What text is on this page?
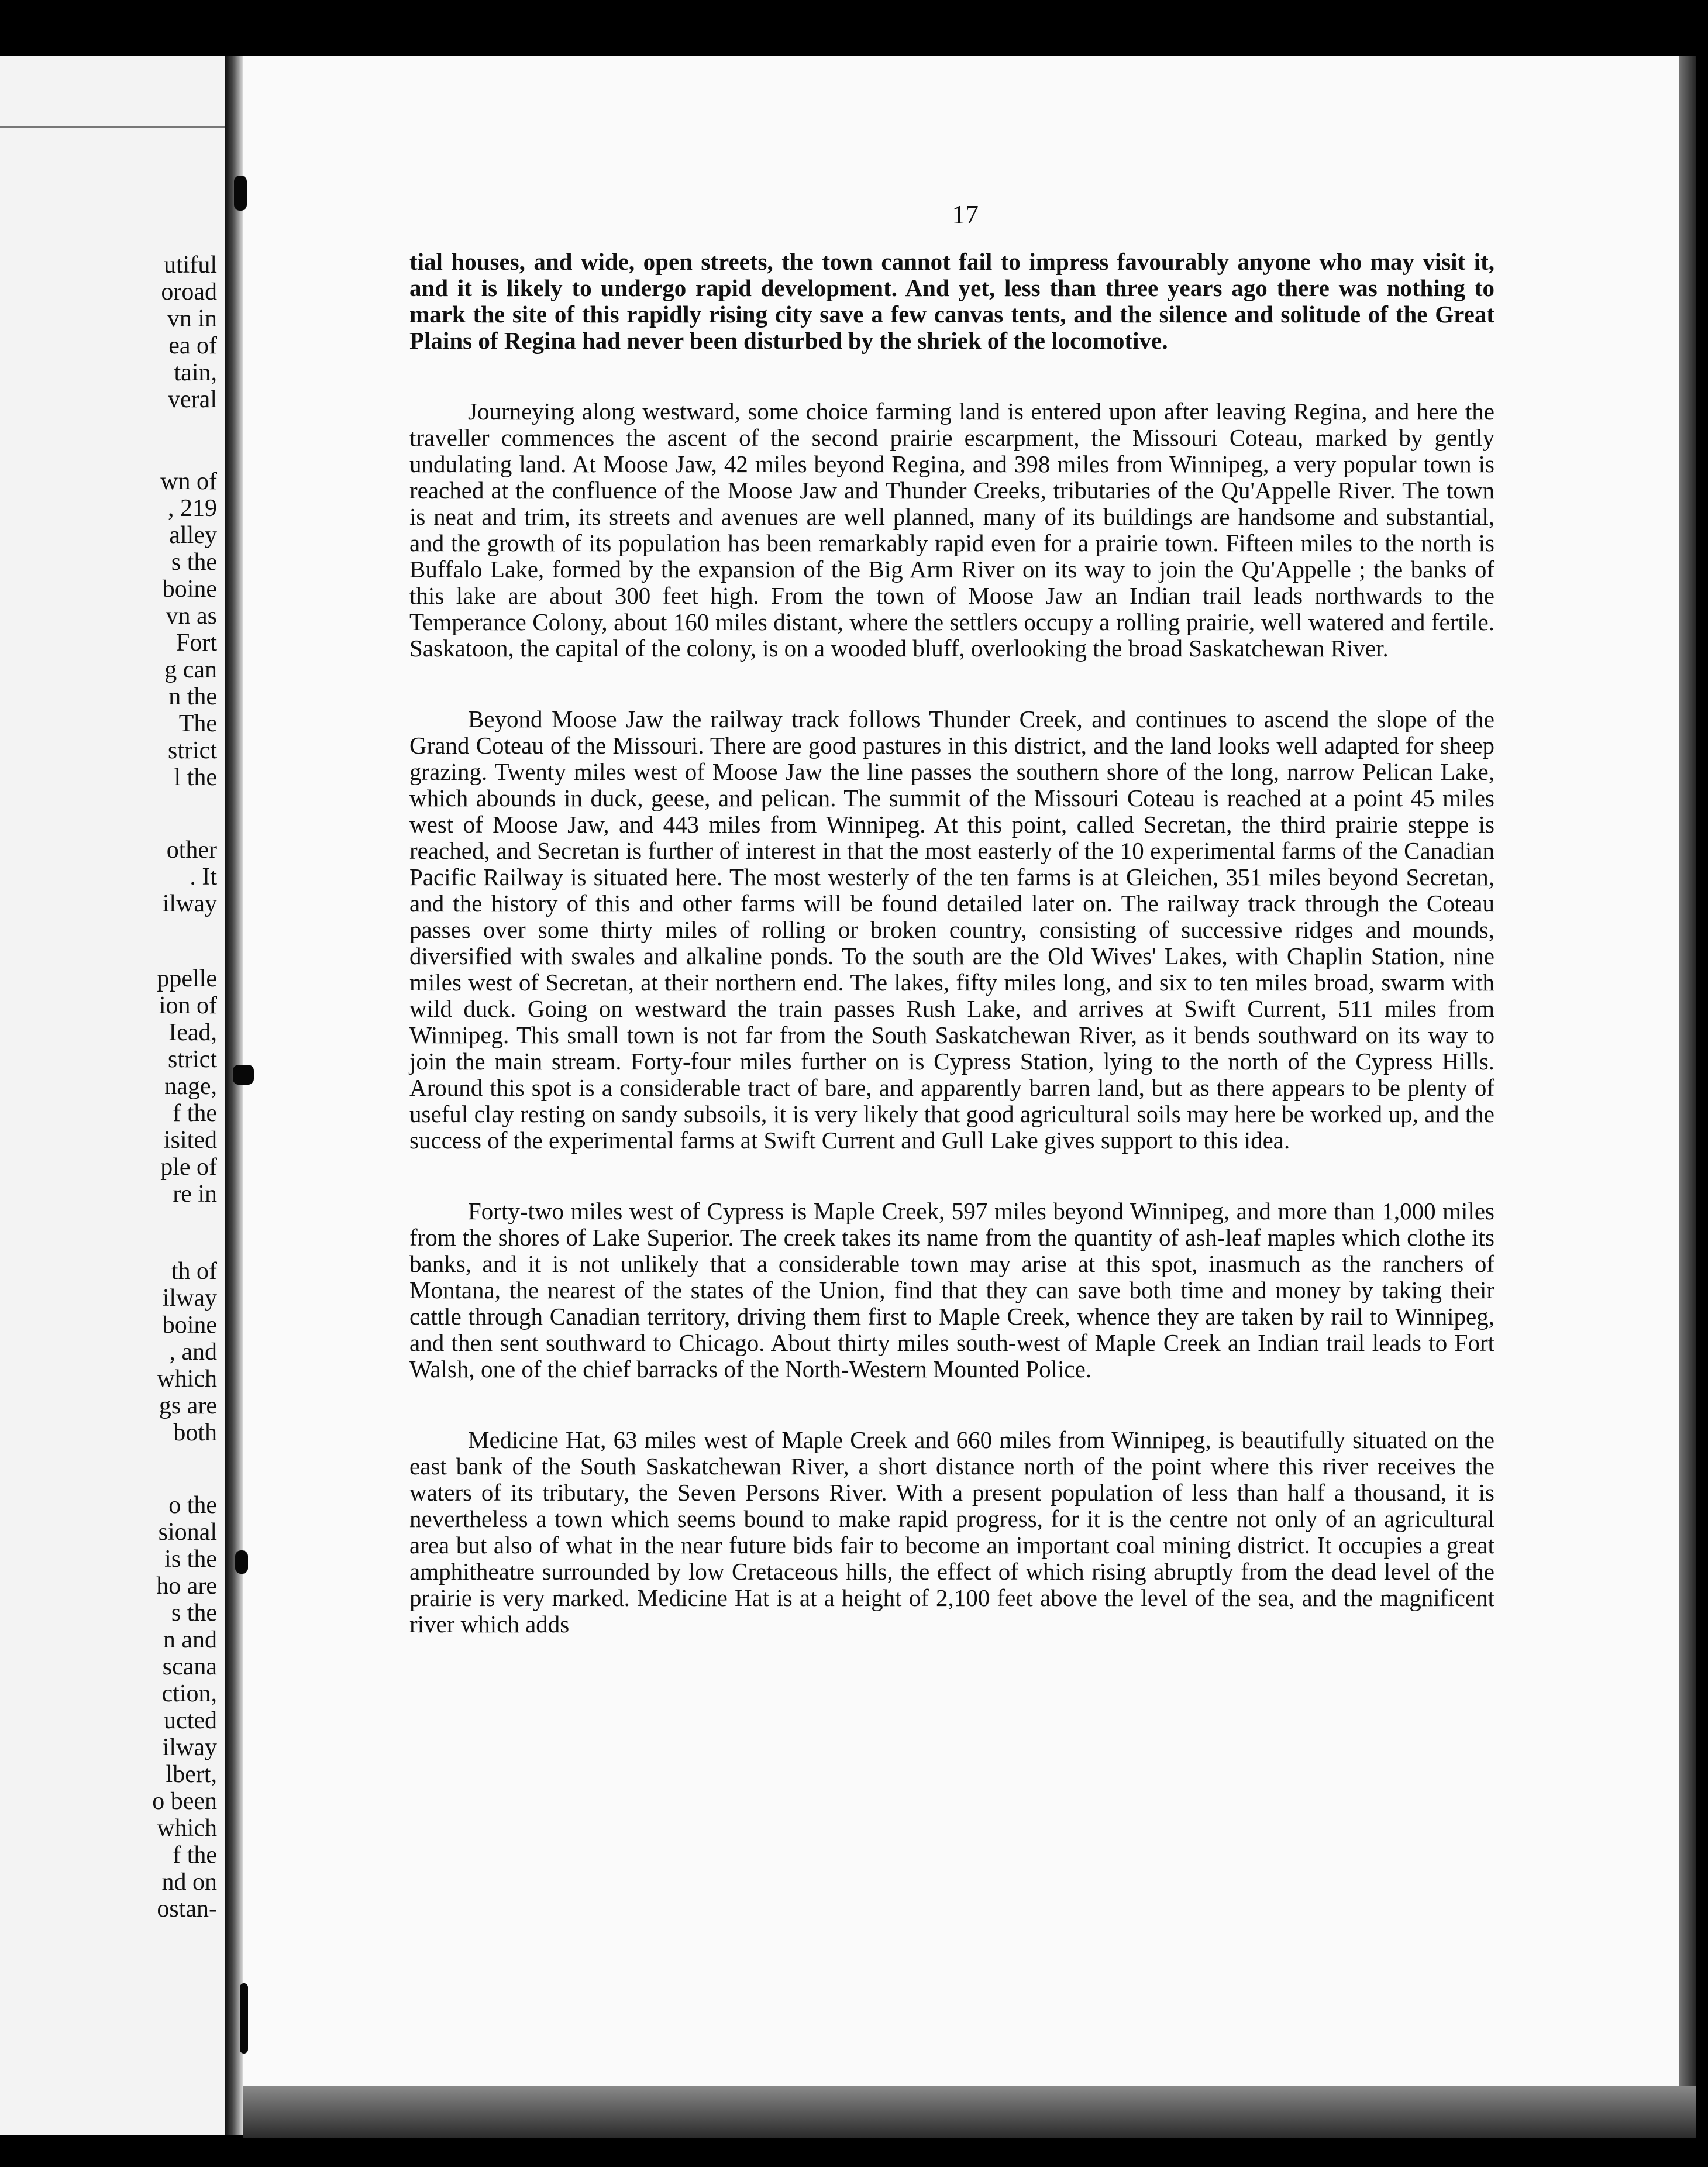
utiful
oroad
vn in
ea of
tain,
veral
wn of
, 219
alley
s the
boine
vn as
Fort
g can
n the
The
strict
l the
other
. It
ilway
ppelle
ion of
Iead,
strict
nage,
f the
isited
ple of
re in
th of
ilway
boine
, and
which
gs are
both
o the
sional
is the
ho are
s the
n and
scana
ction,
ucted
ilway
lbert,
o been
which
f the
nd on
ostan-
17

tial houses, and wide, open streets, the town cannot fail to impress favourably anyone who may visit it, and it is likely to undergo rapid development. And yet, less than three years ago there was nothing to mark the site of this rapidly rising city save a few canvas tents, and the silence and solitude of the Great Plains of Regina had never been disturbed by the shriek of the locomotive.

Journeying along westward, some choice farming land is entered upon after leaving Regina, and here the traveller commences the ascent of the second prairie escarpment, the Missouri Coteau, marked by gently undulating land. At Moose Jaw, 42 miles beyond Regina, and 398 miles from Winnipeg, a very popular town is reached at the confluence of the Moose Jaw and Thunder Creeks, tributaries of the Qu'Appelle River. The town is neat and trim, its streets and avenues are well planned, many of its buildings are handsome and substantial, and the growth of its population has been remarkably rapid even for a prairie town. Fifteen miles to the north is Buffalo Lake, formed by the expansion of the Big Arm River on its way to join the Qu'Appelle ; the banks of this lake are about 300 feet high. From the town of Moose Jaw an Indian trail leads northwards to the Temperance Colony, about 160 miles distant, where the settlers occupy a rolling prairie, well watered and fertile. Saskatoon, the capital of the colony, is on a wooded bluff, overlooking the broad Saskatchewan River.

Beyond Moose Jaw the railway track follows Thunder Creek, and continues to ascend the slope of the Grand Coteau of the Missouri. There are good pastures in this district, and the land looks well adapted for sheep grazing. Twenty miles west of Moose Jaw the line passes the southern shore of the long, narrow Pelican Lake, which abounds in duck, geese, and pelican. The summit of the Missouri Coteau is reached at a point 45 miles west of Moose Jaw, and 443 miles from Winnipeg. At this point, called Secretan, the third prairie steppe is reached, and Secretan is further of interest in that the most easterly of the 10 experimental farms of the Canadian Pacific Railway is situated here. The most westerly of the ten farms is at Gleichen, 351 miles beyond Secretan, and the history of this and other farms will be found detailed later on. The railway track through the Coteau passes over some thirty miles of rolling or broken country, consisting of successive ridges and mounds, diversified with swales and alkaline ponds. To the south are the Old Wives' Lakes, with Chaplin Station, nine miles west of Secretan, at their northern end. The lakes, fifty miles long, and six to ten miles broad, swarm with wild duck. Going on westward the train passes Rush Lake, and arrives at Swift Current, 511 miles from Winnipeg. This small town is not far from the South Saskatchewan River, as it bends southward on its way to join the main stream. Forty-four miles further on is Cypress Station, lying to the north of the Cypress Hills. Around this spot is a considerable tract of bare, and apparently barren land, but as there appears to be plenty of useful clay resting on sandy subsoils, it is very likely that good agricultural soils may here be worked up, and the success of the experimental farms at Swift Current and Gull Lake gives support to this idea.

Forty-two miles west of Cypress is Maple Creek, 597 miles beyond Winnipeg, and more than 1,000 miles from the shores of Lake Superior. The creek takes its name from the quantity of ash-leaf maples which clothe its banks, and it is not unlikely that a considerable town may arise at this spot, inasmuch as the ranchers of Montana, the nearest of the states of the Union, find that they can save both time and money by taking their cattle through Canadian territory, driving them first to Maple Creek, whence they are taken by rail to Winnipeg, and then sent southward to Chicago. About thirty miles south-west of Maple Creek an Indian trail leads to Fort Walsh, one of the chief barracks of the North-Western Mounted Police.

Medicine Hat, 63 miles west of Maple Creek and 660 miles from Winnipeg, is beautifully situated on the east bank of the South Saskatchewan River, a short distance north of the point where this river receives the waters of its tributary, the Seven Persons River. With a present population of less than half a thousand, it is nevertheless a town which seems bound to make rapid progress, for it is the centre not only of an agricultural area but also of what in the near future bids fair to become an important coal mining district. It occupies a great amphitheatre surrounded by low Cretaceous hills, the effect of which rising abruptly from the dead level of the prairie is very marked. Medicine Hat is at a height of 2,100 feet above the level of the sea, and the magnificent river which adds
